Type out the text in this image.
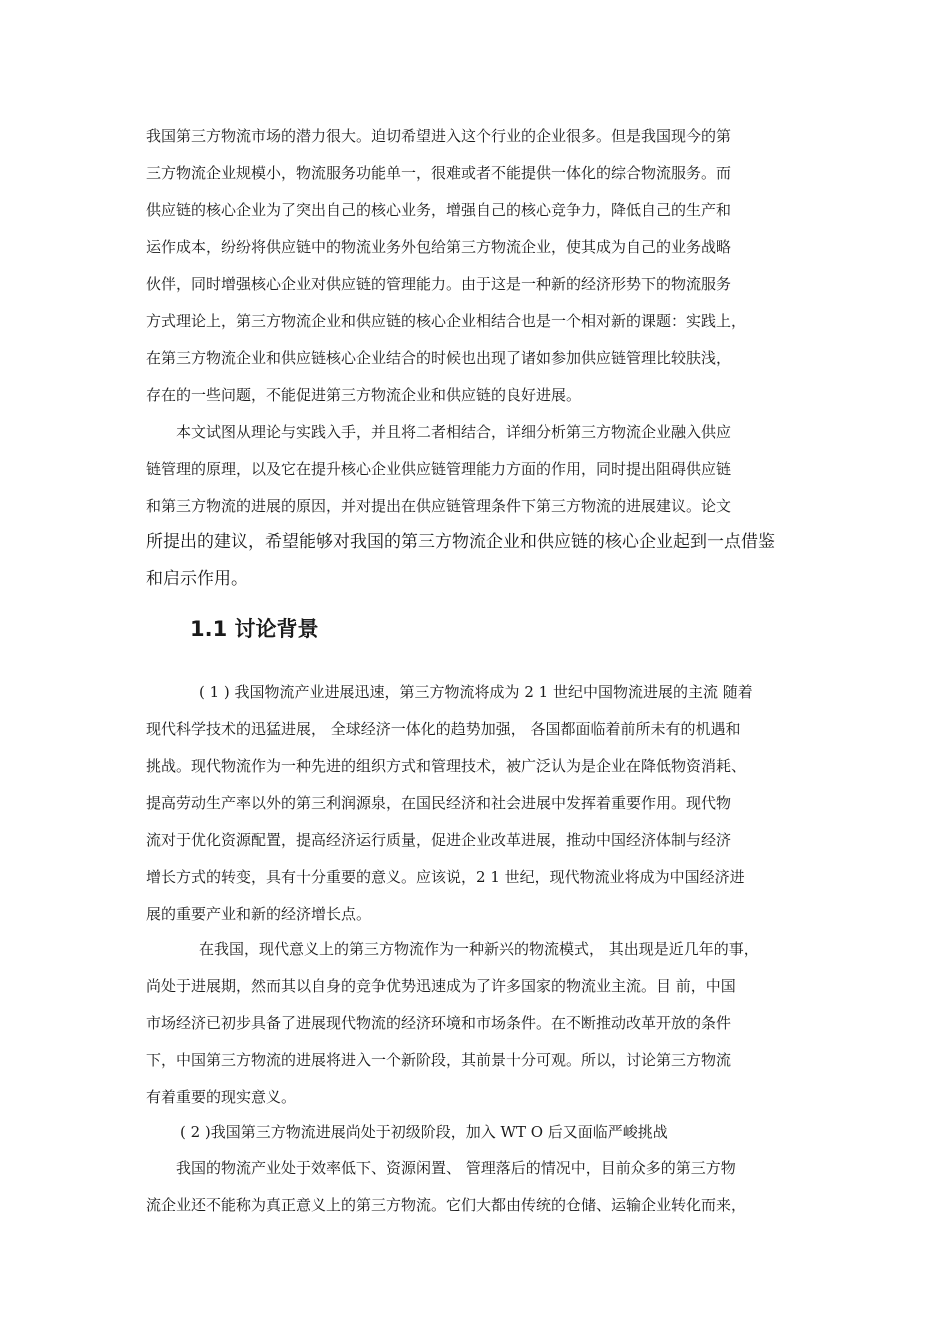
我国第三方物流市场的潜力很大。迫切希望进入这个行业的企业很多。但是我国现今的第
三方物流企业规模小，物流服务功能单一，很难或者不能提供一体化的综合物流服务。而
供应链的核心企业为了突出自己的核心业务，增强自己的核心竞争力，降低自己的生产和
运作成本，纷纷将供应链中的物流业务外包给第三方物流企业，使其成为自己的业务战略
伙伴，同时增强核心企业对供应链的管理能力。由于这是一种新的经济形势下的物流服务
方式理论上，第三方物流企业和供应链的核心企业相结合也是一个相对新的课题：实践上，
在第三方物流企业和供应链核心企业结合的时候也出现了诸如参加供应链管理比较肤浅，
存在的一些问题，不能促进第三方物流企业和供应链的良好进展。
本文试图从理论与实践入手，并且将二者相结合，详细分析第三方物流企业融入供应
链管理的原理，以及它在提升核心企业供应链管理能力方面的作用，同时提出阻碍供应链
和第三方物流的进展的原因，并对提出在供应链管理条件下第三方物流的进展建议。论文
所提出的建议，希望能够对我国的第三方物流企业和供应链的核心企业起到一点借鉴
和启示作用。
1.1 讨论背景
( 1 ) 我国物流产业进展迅速，第三方物流将成为 2 1 世纪中国物流进展的主流 随着
现代科学技术的迅猛进展， 全球经济一体化的趋势加强， 各国都面临着前所未有的机遇和
挑战。现代物流作为一种先进的组织方式和管理技术，被广泛认为是企业在降低物资消耗、
提高劳动生产率以外的第三利润源泉，在国民经济和社会进展中发挥着重要作用。现代物
流对于优化资源配置，提高经济运行质量，促进企业改革进展，推动中国经济体制与经济
增长方式的转变，具有十分重要的意义。应该说，2 1 世纪，现代物流业将成为中国经济进
展的重要产业和新的经济增长点。
在我国，现代意义上的第三方物流作为一种新兴的物流模式， 其出现是近几年的事，
尚处于进展期，然而其以自身的竞争优势迅速成为了许多国家的物流业主流。目 前，中国
市场经济已初步具备了进展现代物流的经济环境和市场条件。在不断推动改革开放的条件
下，中国第三方物流的进展将进入一个新阶段，其前景十分可观。所以，讨论第三方物流
有着重要的现实意义。
( 2 )我国第三方物流进展尚处于初级阶段，加入 WT O 后又面临严峻挑战
我国的物流产业处于效率低下、资源闲置、 管理落后的情况中，目前众多的第三方物
流企业还不能称为真正意义上的第三方物流。它们大都由传统的仓储、运输企业转化而来，
